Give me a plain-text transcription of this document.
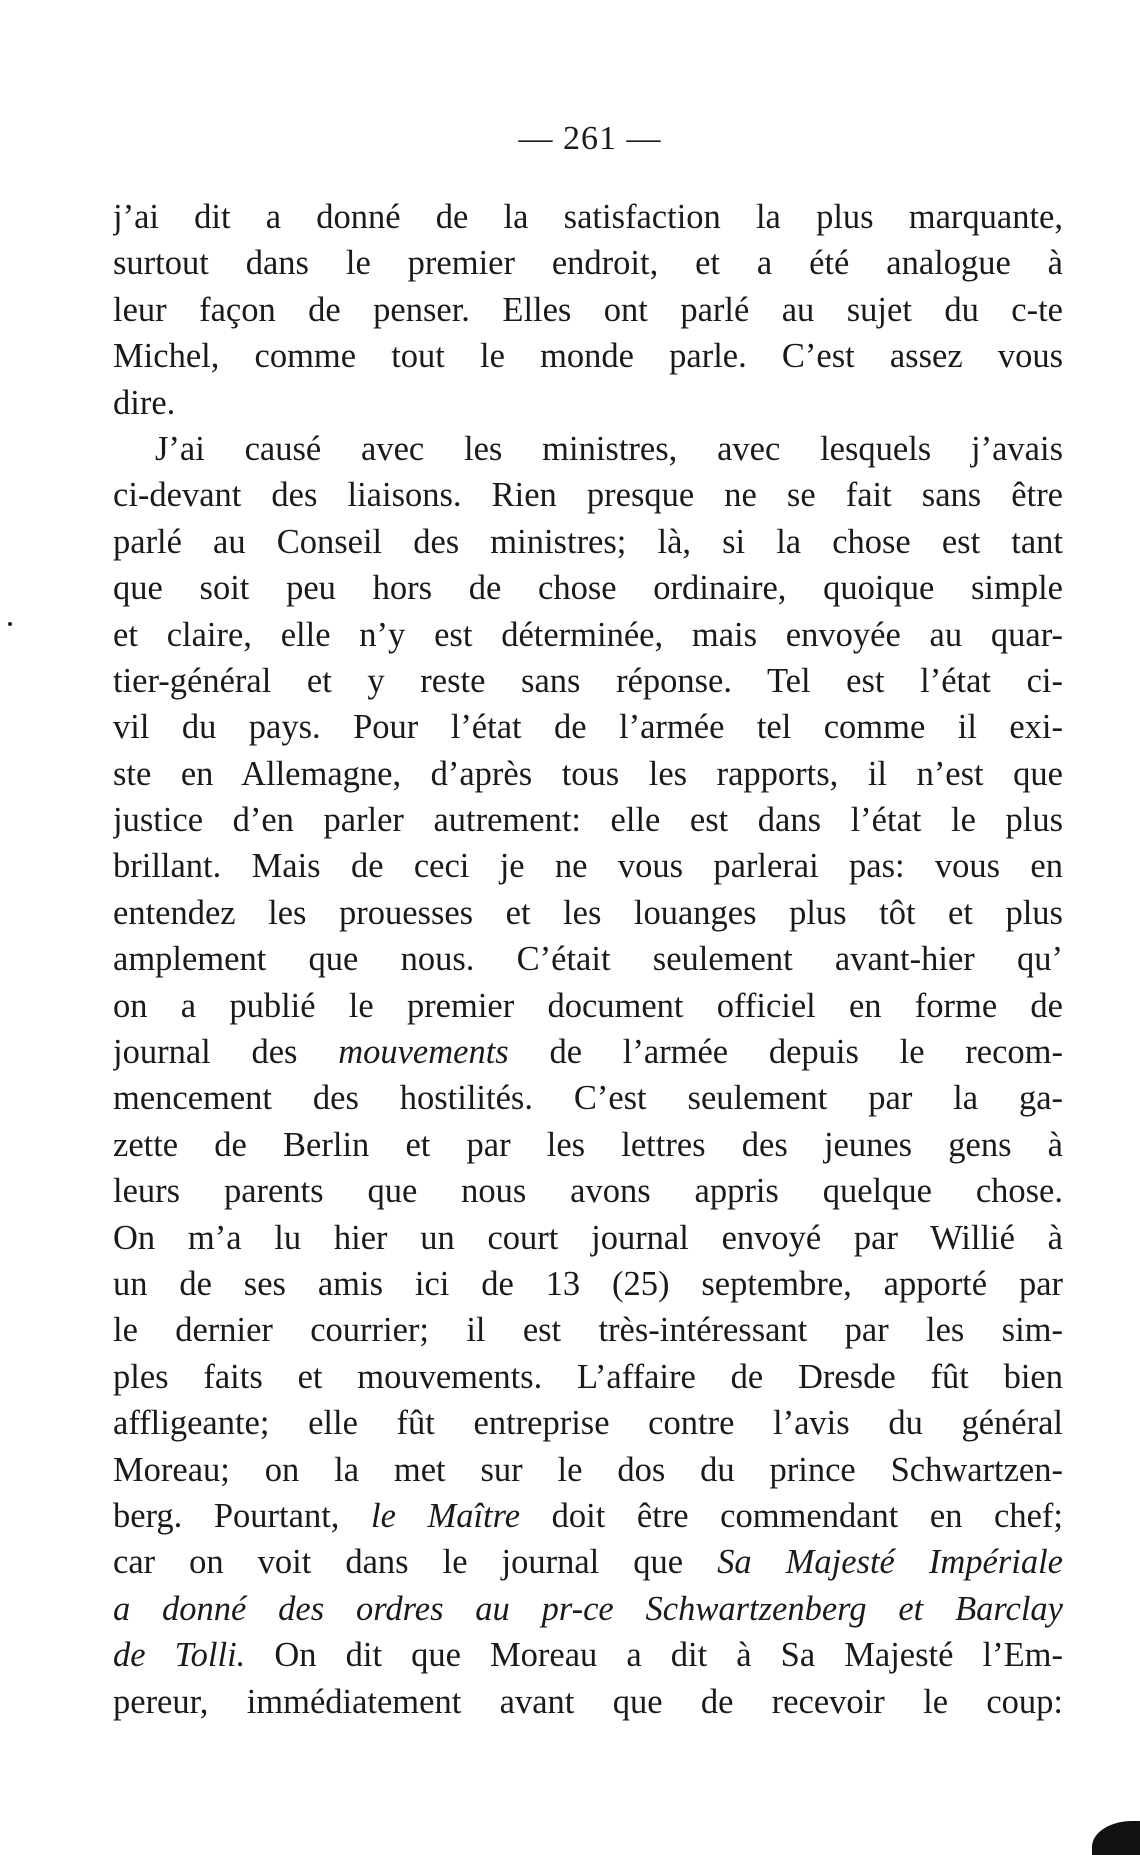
— 261 —
j’ai dit a donné de la satisfaction la plus marquante,
surtout dans le premier endroit, et a été analogue à
leur façon de penser. Elles ont parlé au sujet du c-te
Michel, comme tout le monde parle. C’est assez vous
dire.
J’ai causé avec les ministres, avec lesquels j’avais
ci-devant des liaisons. Rien presque ne se fait sans être
parlé au Conseil des ministres; là, si la chose est tant
que soit peu hors de chose ordinaire, quoique simple
et claire, elle n’y est déterminée, mais envoyée au quar-
tier-général et y reste sans réponse. Tel est l’état ci-
vil du pays. Pour l’état de l’armée tel comme il exi-
ste en Allemagne, d’après tous les rapports, il n’est que
justice d’en parler autrement: elle est dans l’état le plus
brillant. Mais de ceci je ne vous parlerai pas: vous en
entendez les prouesses et les louanges plus tôt et plus
amplement que nous. C’était seulement avant-hier qu’
on a publié le premier document officiel en forme de
journal des mouvements de l’armée depuis le recom-
mencement des hostilités. C’est seulement par la ga-
zette de Berlin et par les lettres des jeunes gens à
leurs parents que nous avons appris quelque chose.
On m’a lu hier un court journal envoyé par Willié à
un de ses amis ici de 13 (25) septembre, apporté par
le dernier courrier; il est très-intéressant par les sim-
ples faits et mouvements. L’affaire de Dresde fût bien
affligeante; elle fût entreprise contre l’avis du général
Moreau; on la met sur le dos du prince Schwartzen-
berg. Pourtant, le Maître doit être commendant en chef;
car on voit dans le journal que Sa Majesté Impériale
a donné des ordres au pr-ce Schwartzenberg et Barclay
de Tolli. On dit que Moreau a dit à Sa Majesté l’Em-
pereur, immédiatement avant que de recevoir le coup:
